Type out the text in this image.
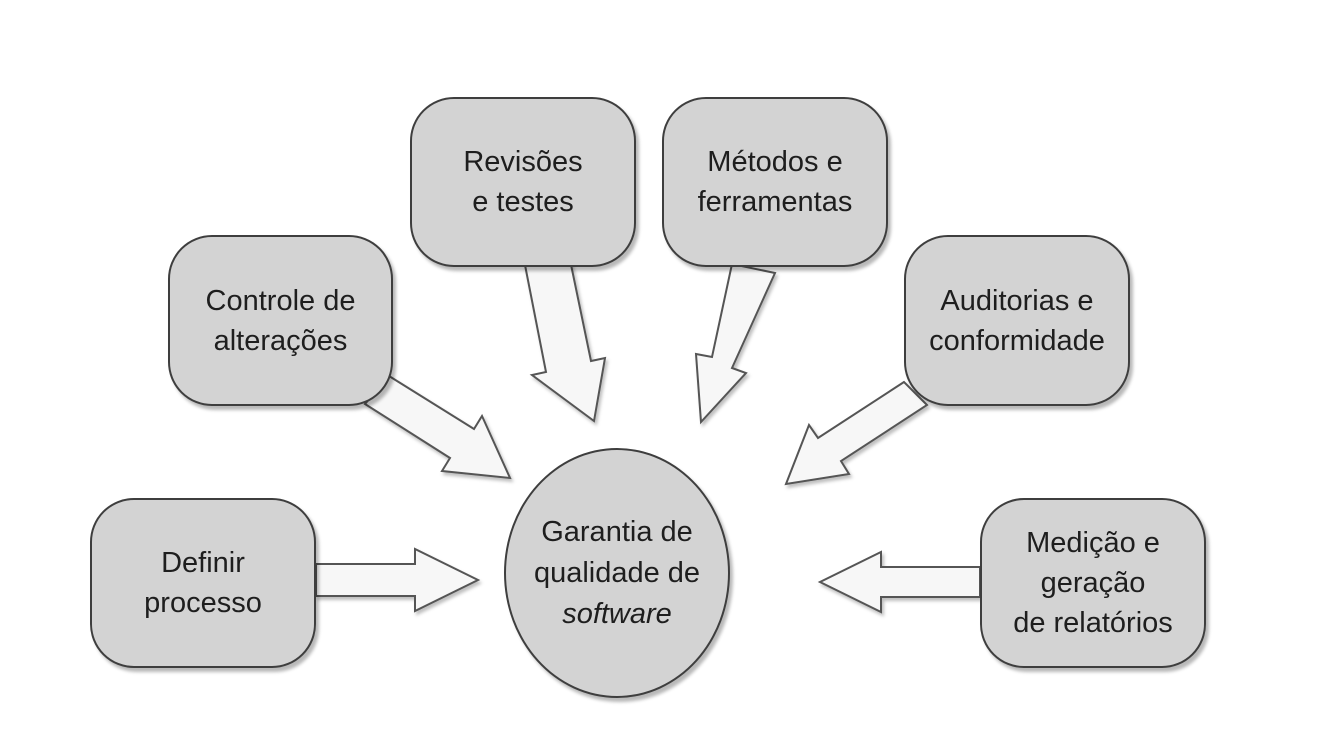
Definir
processo
Controle de
alterações
Revisões
e testes
Métodos e
ferramentas
Auditorias e
conformidade
Medição e
geração
de relatórios
Garantia de
qualidade de
software
